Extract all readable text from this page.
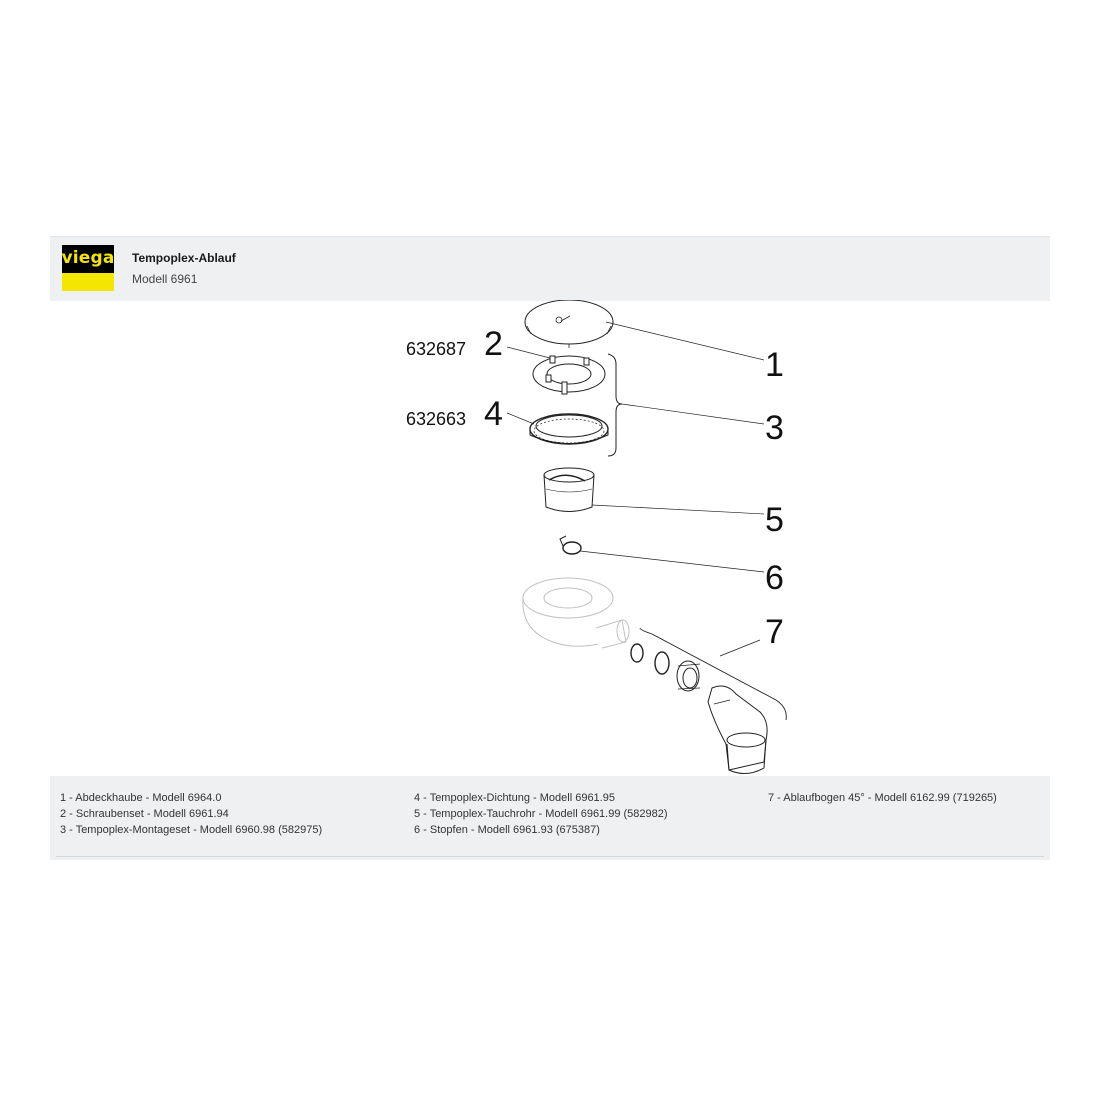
viega Tempoplex-Ablauf
Modell 6961
1
2
3
4
5
6
7
632687
632663
1 - Abdeckhaube - Modell 6964.0
2 - Schraubenset - Modell 6961.94
3 - Tempoplex-Montageset - Modell 6960.98 (582975)
4 - Tempoplex-Dichtung - Modell 6961.95
5 - Tempoplex-Tauchrohr - Modell 6961.99 (582982)
6 - Stopfen - Modell 6961.93 (675387)
7 - Ablaufbogen 45° - Modell 6162.99 (719265)
